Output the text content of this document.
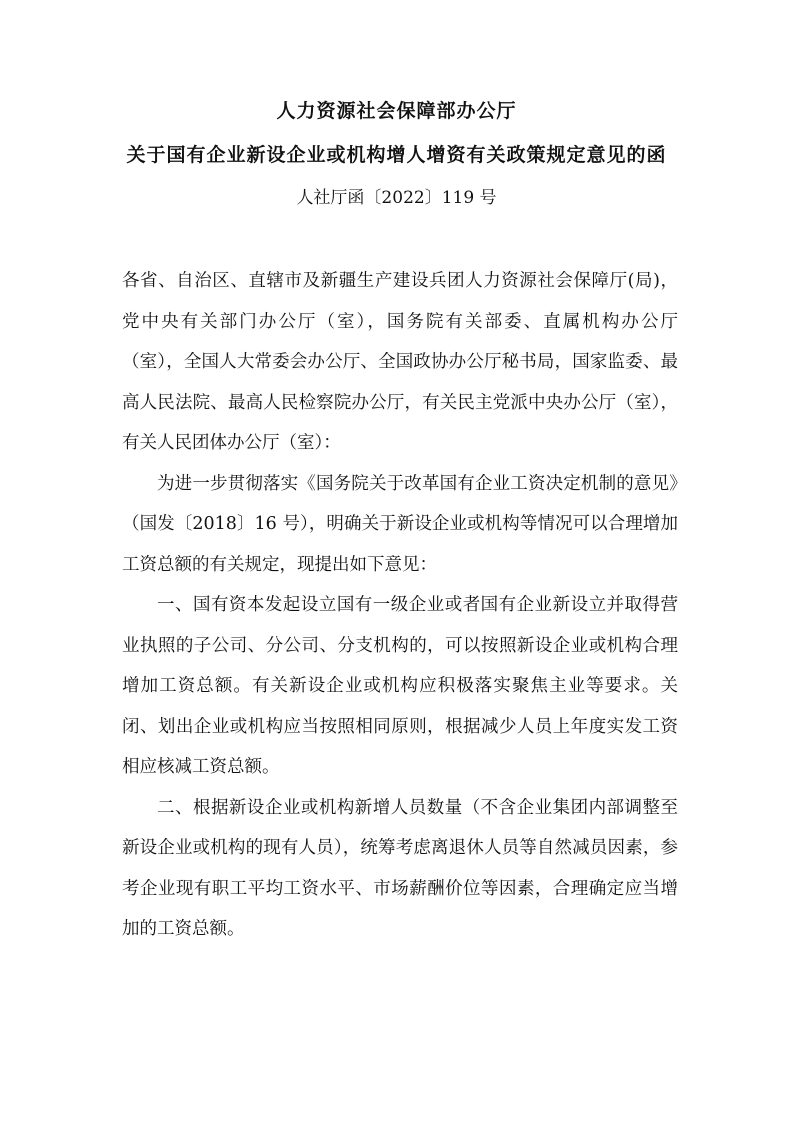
人力资源社会保障部办公厅
关于国有企业新设企业或机构增人增资有关政策规定意见的函
人社厅函〔2022〕119 号

各省、自治区、直辖市及新疆生产建设兵团人力资源社会保障厅(局)，党中央有关部门办公厅（室），国务院有关部委、直属机构办公厅（室），全国人大常委会办公厅、全国政协办公厅秘书局，国家监委、最高人民法院、最高人民检察院办公厅，有关民主党派中央办公厅（室），有关人民团体办公厅（室）：

为进一步贯彻落实《国务院关于改革国有企业工资决定机制的意见》（国发〔2018〕16 号），明确关于新设企业或机构等情况可以合理增加工资总额的有关规定，现提出如下意见：

一、国有资本发起设立国有一级企业或者国有企业新设立并取得营业执照的子公司、分公司、分支机构的，可以按照新设企业或机构合理增加工资总额。有关新设企业或机构应积极落实聚焦主业等要求。关闭、划出企业或机构应当按照相同原则，根据减少人员上年度实发工资相应核减工资总额。

二、根据新设企业或机构新增人员数量（不含企业集团内部调整至新设企业或机构的现有人员），统筹考虑离退休人员等自然减员因素，参考企业现有职工平均工资水平、市场薪酬价位等因素，合理确定应当增加的工资总额。
